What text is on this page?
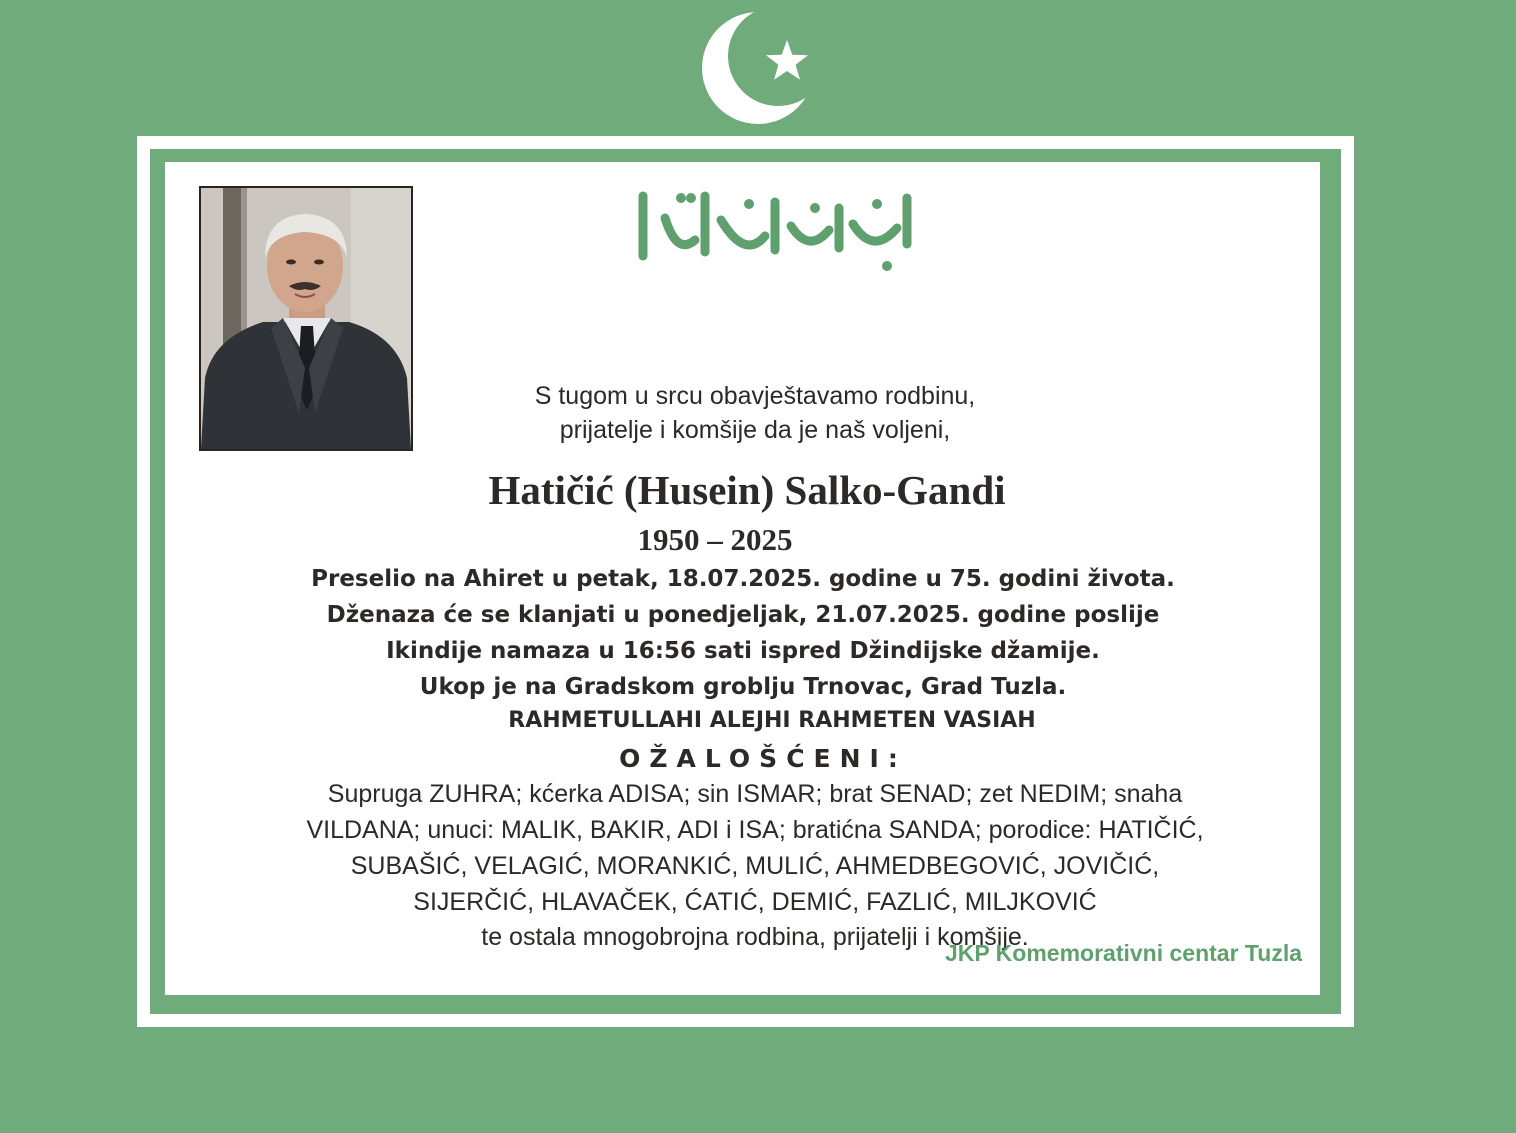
S tugom u srcu obavještavamo rodbinu,
prijatelje i komšije da je naš voljeni,
Hatičić (Husein) Salko-Gandi
1950 – 2025
Preselio na Ahiret u petak, 18.07.2025. godine u 75. godini života.
Dženaza će se klanjati u ponedjeljak, 21.07.2025. godine poslije
Ikindije namaza u 16:56 sati ispred Džindijske džamije.
Ukop je na Gradskom groblju Trnovac, Grad Tuzla.
RAHMETULLAHI ALEJHI RAHMETEN VASIAH
OŽALOŠĆENI:
Supruga ZUHRA; kćerka ADISA; sin ISMAR; brat SENAD; zet NEDIM; snaha
VILDANA; unuci: MALIK, BAKIR, ADI i ISA; bratićna SANDA; porodice: HATIČIĆ,
SUBAŠIĆ, VELAGIĆ, MORANKIĆ, MULIĆ, AHMEDBEGOVIĆ, JOVIČIĆ,
SIJERČIĆ, HLAVAČEK, ĆATIĆ, DEMIĆ, FAZLIĆ, MILJKOVIĆ
te ostala mnogobrojna rodbina, prijatelji i komšije.
JKP Komemorativni centar Tuzla
